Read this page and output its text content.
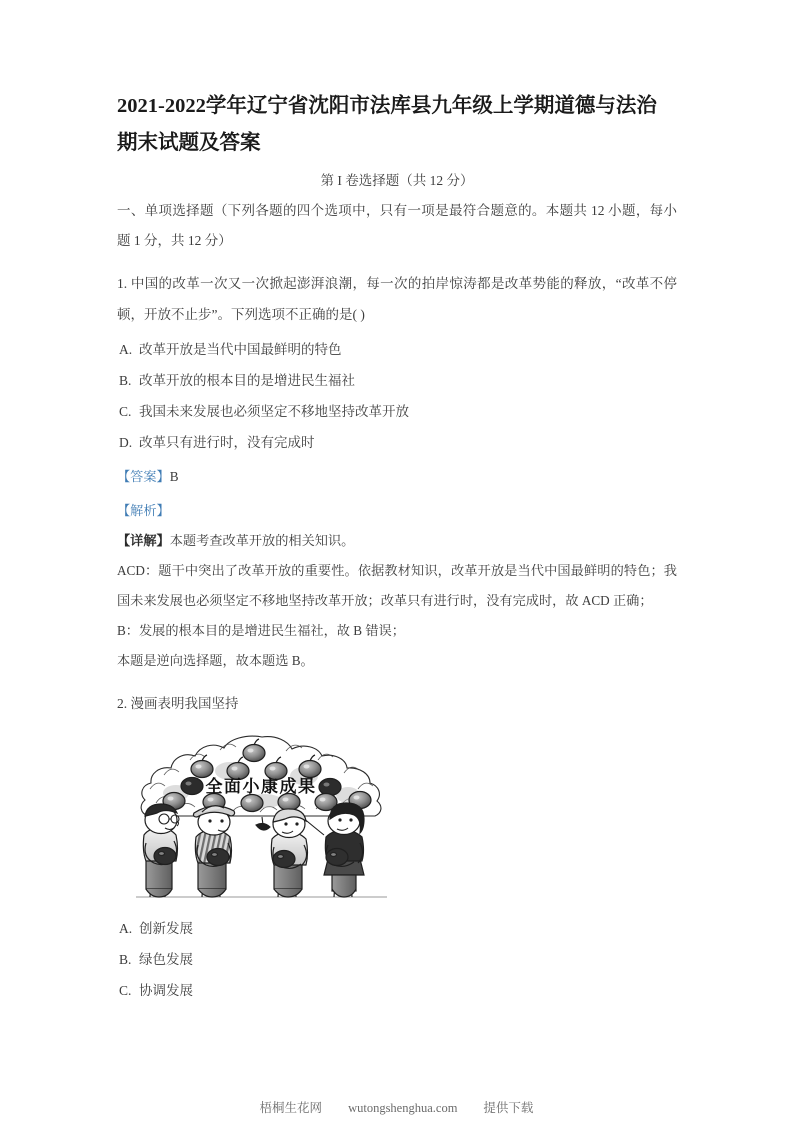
2021-2022学年辽宁省沈阳市法库县九年级上学期道德与法治期末试题及答案

第 I 卷选择题（共 12 分）

一、单项选择题（下列各题的四个选项中，只有一项是最符合题意的。本题共 12 小题，每小题 1 分，共 12 分）

1. 中国的改革一次又一次掀起澎湃浪潮，每一次的拍岸惊涛都是改革势能的释放，“改革不停顿，开放不止步”。下列选项不正确的是( )

A. 改革开放是当代中国最鲜明的特色

B. 改革开放的根本目的是增进民生福社

C. 我国未来发展也必须坚定不移地坚持改革开放

D. 改革只有进行时，没有完成时

【答案】B

【解析】

【详解】本题考查改革开放的相关知识。

ACD：题干中突出了改革开放的重要性。依据教材知识，改革开放是当代中国最鲜明的特色；我国未来发展也必须坚定不移地坚持改革开放；改革只有进行时，没有完成时，故 ACD 正确；

B：发展的根本目的是增进民生福社，故 B 错误；

本题是逆向选择题，故本题选 B。

2. 漫画表明我国坚持

全面小康成果

A. 创新发展

B. 绿色发展

C. 协调发展

梧桐生花网 wutongshenghua.com 提供下载
